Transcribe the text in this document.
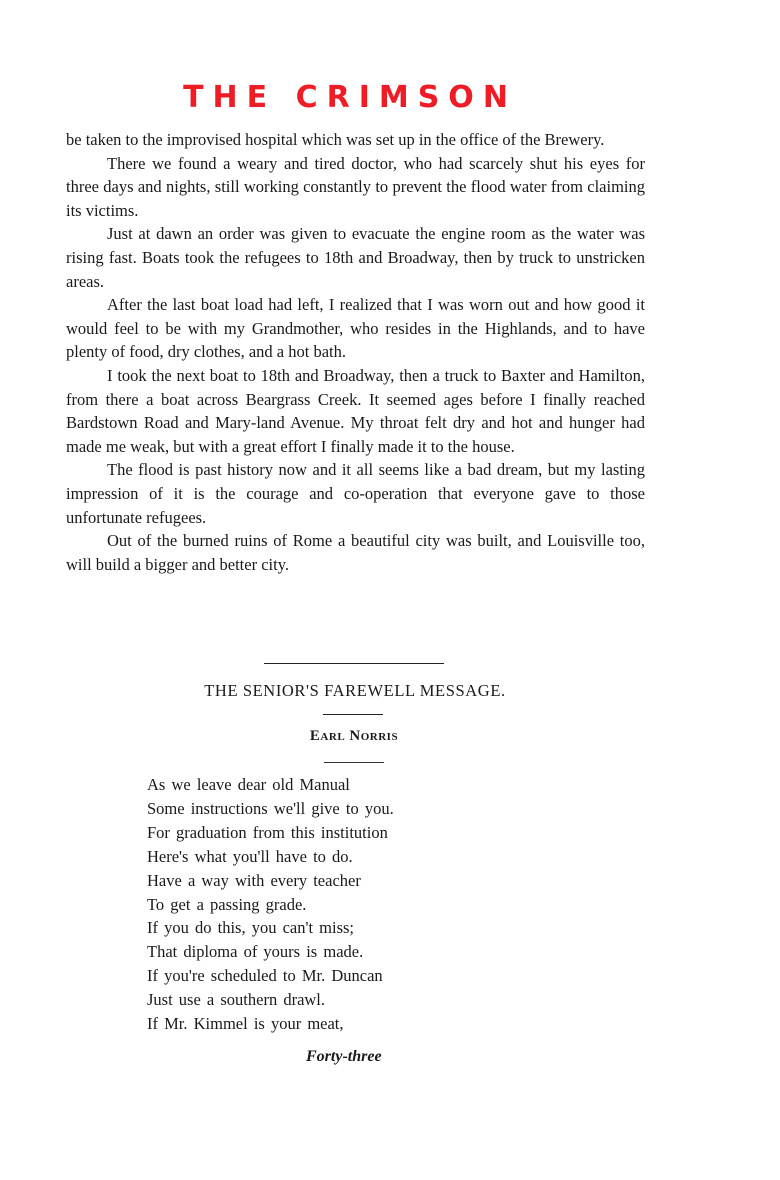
THE CRIMSON

be taken to the improvised hospital which was set up in the office of the Brewery.

There we found a weary and tired doctor, who had scarcely shut his eyes for three days and nights, still working constantly to prevent the flood water from claiming its victims.

Just at dawn an order was given to evacuate the engine room as the water was rising fast. Boats took the refugees to 18th and Broadway, then by truck to unstricken areas.

After the last boat load had left, I realized that I was worn out and how good it would feel to be with my Grandmother, who resides in the Highlands, and to have plenty of food, dry clothes, and a hot bath.

I took the next boat to 18th and Broadway, then a truck to Baxter and Hamilton, from there a boat across Beargrass Creek. It seemed ages before I finally reached Bardstown Road and Mary-land Avenue. My throat felt dry and hot and hunger had made me weak, but with a great effort I finally made it to the house.

The flood is past history now and it all seems like a bad dream, but my lasting impression of it is the courage and co-operation that everyone gave to those unfortunate refugees.

Out of the burned ruins of Rome a beautiful city was built, and Louisville too, will build a bigger and better city.

THE SENIOR'S FAREWELL MESSAGE.
Earl Norris
As we leave dear old Manual
Some instructions we'll give to you.
For graduation from this institution
Here's what you'll have to do.
Have a way with every teacher
To get a passing grade.
If you do this, you can't miss;
That diploma of yours is made.
If you're scheduled to Mr. Duncan
Just use a southern drawl.
If Mr. Kimmel is your meat,
Forty-three
